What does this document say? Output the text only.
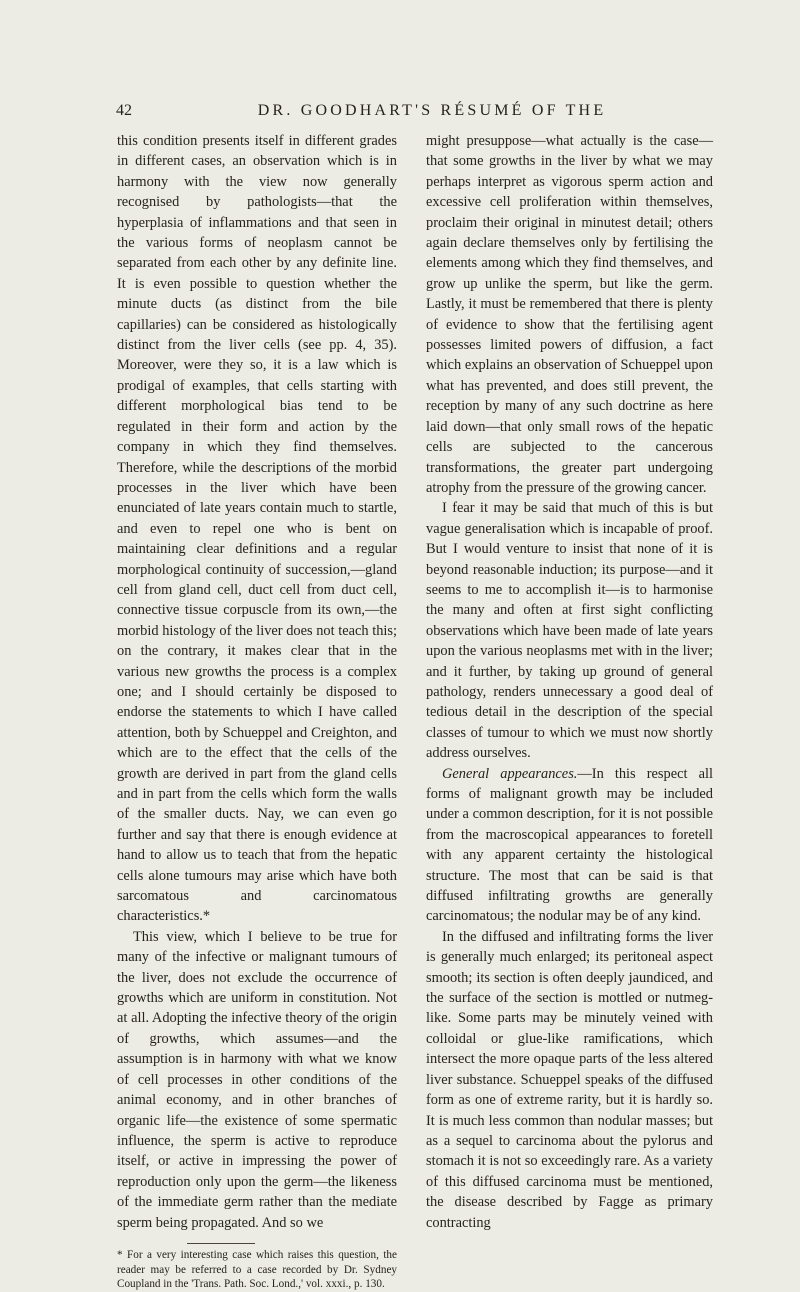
42	DR. GOODHART'S RÉSUMÉ OF THE

this condition presents itself in different grades in different cases, an observation which is in harmony with the view now generally recognised by pathologists—that the hyperplasia of inflammations and that seen in the various forms of neoplasm cannot be separated from each other by any definite line. It is even possible to question whether the minute ducts (as distinct from the bile capillaries) can be considered as histologically distinct from the liver cells (see pp. 4, 35). Moreover, were they so, it is a law which is prodigal of examples, that cells starting with different morphological bias tend to be regulated in their form and action by the company in which they find themselves. Therefore, while the descriptions of the morbid processes in the liver which have been enunciated of late years contain much to startle, and even to repel one who is bent on maintaining clear definitions and a regular morphological continuity of succession,—gland cell from gland cell, duct cell from duct cell, connective tissue corpuscle from its own,—the morbid histology of the liver does not teach this; on the contrary, it makes clear that in the various new growths the process is a complex one; and I should certainly be disposed to endorse the statements to which I have called attention, both by Schueppel and Creighton, and which are to the effect that the cells of the growth are derived in part from the gland cells and in part from the cells which form the walls of the smaller ducts. Nay, we can even go further and say that there is enough evidence at hand to allow us to teach that from the hepatic cells alone tumours may arise which have both sarcomatous and carcinomatous characteristics.*

This view, which I believe to be true for many of the infective or malignant tumours of the liver, does not exclude the occurrence of growths which are uniform in constitution. Not at all. Adopting the infective theory of the origin of growths, which assumes—and the assumption is in harmony with what we know of cell processes in other conditions of the animal economy, and in other branches of organic life—the existence of some spermatic influence, the sperm is active to reproduce itself, or active in impressing the power of reproduction only upon the germ—the likeness of the immediate germ rather than the mediate sperm being propagated. And so we

* For a very interesting case which raises this question, the reader may be referred to a case recorded by Dr. Sydney Coupland in the 'Trans. Path. Soc. Lond.,' vol. xxxi., p. 130.

might presuppose—what actually is the case—that some growths in the liver by what we may perhaps interpret as vigorous sperm action and excessive cell proliferation within themselves, proclaim their original in minutest detail; others again declare themselves only by fertilising the elements among which they find themselves, and grow up unlike the sperm, but like the germ. Lastly, it must be remembered that there is plenty of evidence to show that the fertilising agent possesses limited powers of diffusion, a fact which explains an observation of Schueppel upon what has prevented, and does still prevent, the reception by many of any such doctrine as here laid down—that only small rows of the hepatic cells are subjected to the cancerous transformations, the greater part undergoing atrophy from the pressure of the growing cancer.

I fear it may be said that much of this is but vague generalisation which is incapable of proof. But I would venture to insist that none of it is beyond reasonable induction; its purpose—and it seems to me to accomplish it—is to harmonise the many and often at first sight conflicting observations which have been made of late years upon the various neoplasms met with in the liver; and it further, by taking up ground of general pathology, renders unnecessary a good deal of tedious detail in the description of the special classes of tumour to which we must now shortly address ourselves.

General appearances.—In this respect all forms of malignant growth may be included under a common description, for it is not possible from the macroscopical appearances to foretell with any apparent certainty the histological structure. The most that can be said is that diffused infiltrating growths are generally carcinomatous; the nodular may be of any kind.

In the diffused and infiltrating forms the liver is generally much enlarged; its peritoneal aspect smooth; its section is often deeply jaundiced, and the surface of the section is mottled or nutmeg-like. Some parts may be minutely veined with colloidal or glue-like ramifications, which intersect the more opaque parts of the less altered liver substance. Schueppel speaks of the diffused form as one of extreme rarity, but it is hardly so. It is much less common than nodular masses; but as a sequel to carcinoma about the pylorus and stomach it is not so exceedingly rare. As a variety of this diffused carcinoma must be mentioned, the disease described by Fagge as primary contracting
